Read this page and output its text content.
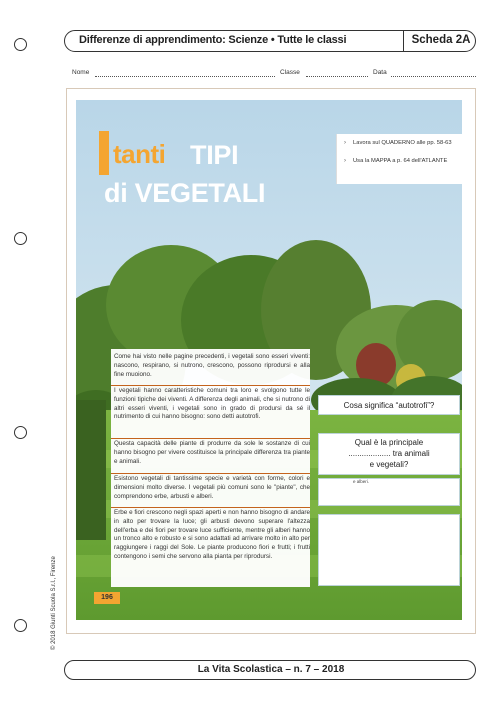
Differenze di apprendimento: Scienze • Tutte le classi	Scheda 2A
Nome	Classe	Data
tanti TIPI
di VEGETALI
› Lavora sul QUADERNO alle pp. 58-63
› Usa la MAPPA a p. 64 dell'ATLANTE

Come hai visto nelle pagine precedenti, i vegetali sono esseri viventi: nascono, respirano, si nutrono, crescono, possono riprodursi e alla fine muoiono.

I vegetali hanno caratteristiche comuni tra loro e svolgono tutte le funzioni tipiche dei viventi. A differenza degli animali, che si nutrono di altri esseri viventi, i vegetali sono in grado di prodursi da sé il nutrimento di cui hanno bisogno: sono detti autotrofi.

Questa capacità delle piante di produrre da sole le sostanze di cui hanno bisogno per vivere costituisce la principale differenza tra piante e animali.

Esistono vegetali di tantissime specie e varietà con forme, colori e dimensioni molto diverse. I vegetali più comuni sono le "piante", che comprendono erbe, arbusti e alberi.

Erbe e fiori crescono negli spazi aperti e non hanno bisogno di andare in alto per trovare la luce; gli arbusti devono superare l'altezza dell'erba e dei fiori per trovare luce sufficiente, mentre gli alberi hanno un tronco alto e robusto e si sono adattati ad arrivare molto in alto per raggiungere i raggi del Sole. Le piante producono fiori e frutti; i frutti contengono i semi che servono alla pianta per riprodursi.

Cosa significa “autotrofi”?
Qual è la principale
................... tra animali
e vegetali?
e alberi.
196
© 2018 Giunti Scuola S.r.l., Firenze
La Vita Scolastica – n. 7 – 2018
